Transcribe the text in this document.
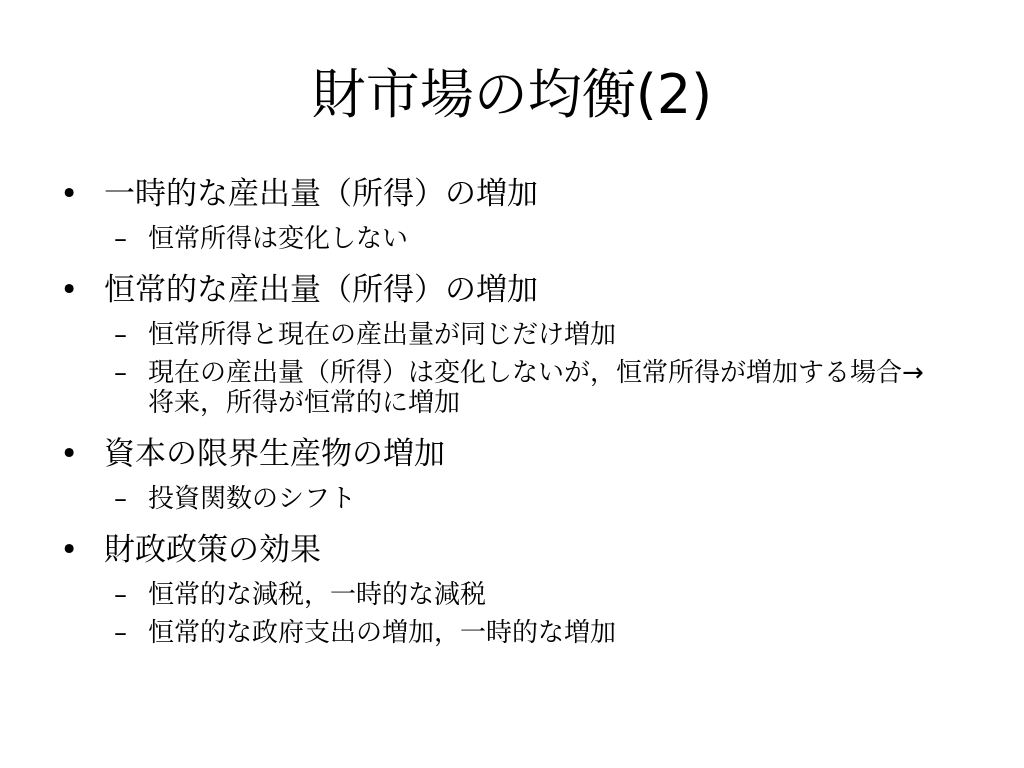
財市場の均衡(2)
• 一時的な産出量（所得）の増加
– 恒常所得は変化しない
• 恒常的な産出量（所得）の増加
– 恒常所得と現在の産出量が同じだけ増加
– 現在の産出量（所得）は変化しないが，恒常所得が増加する場合→ 将来，所得が恒常的に増加
• 資本の限界生産物の増加
– 投資関数のシフト
• 財政政策の効果
– 恒常的な減税，一時的な減税
– 恒常的な政府支出の増加，一時的な増加
